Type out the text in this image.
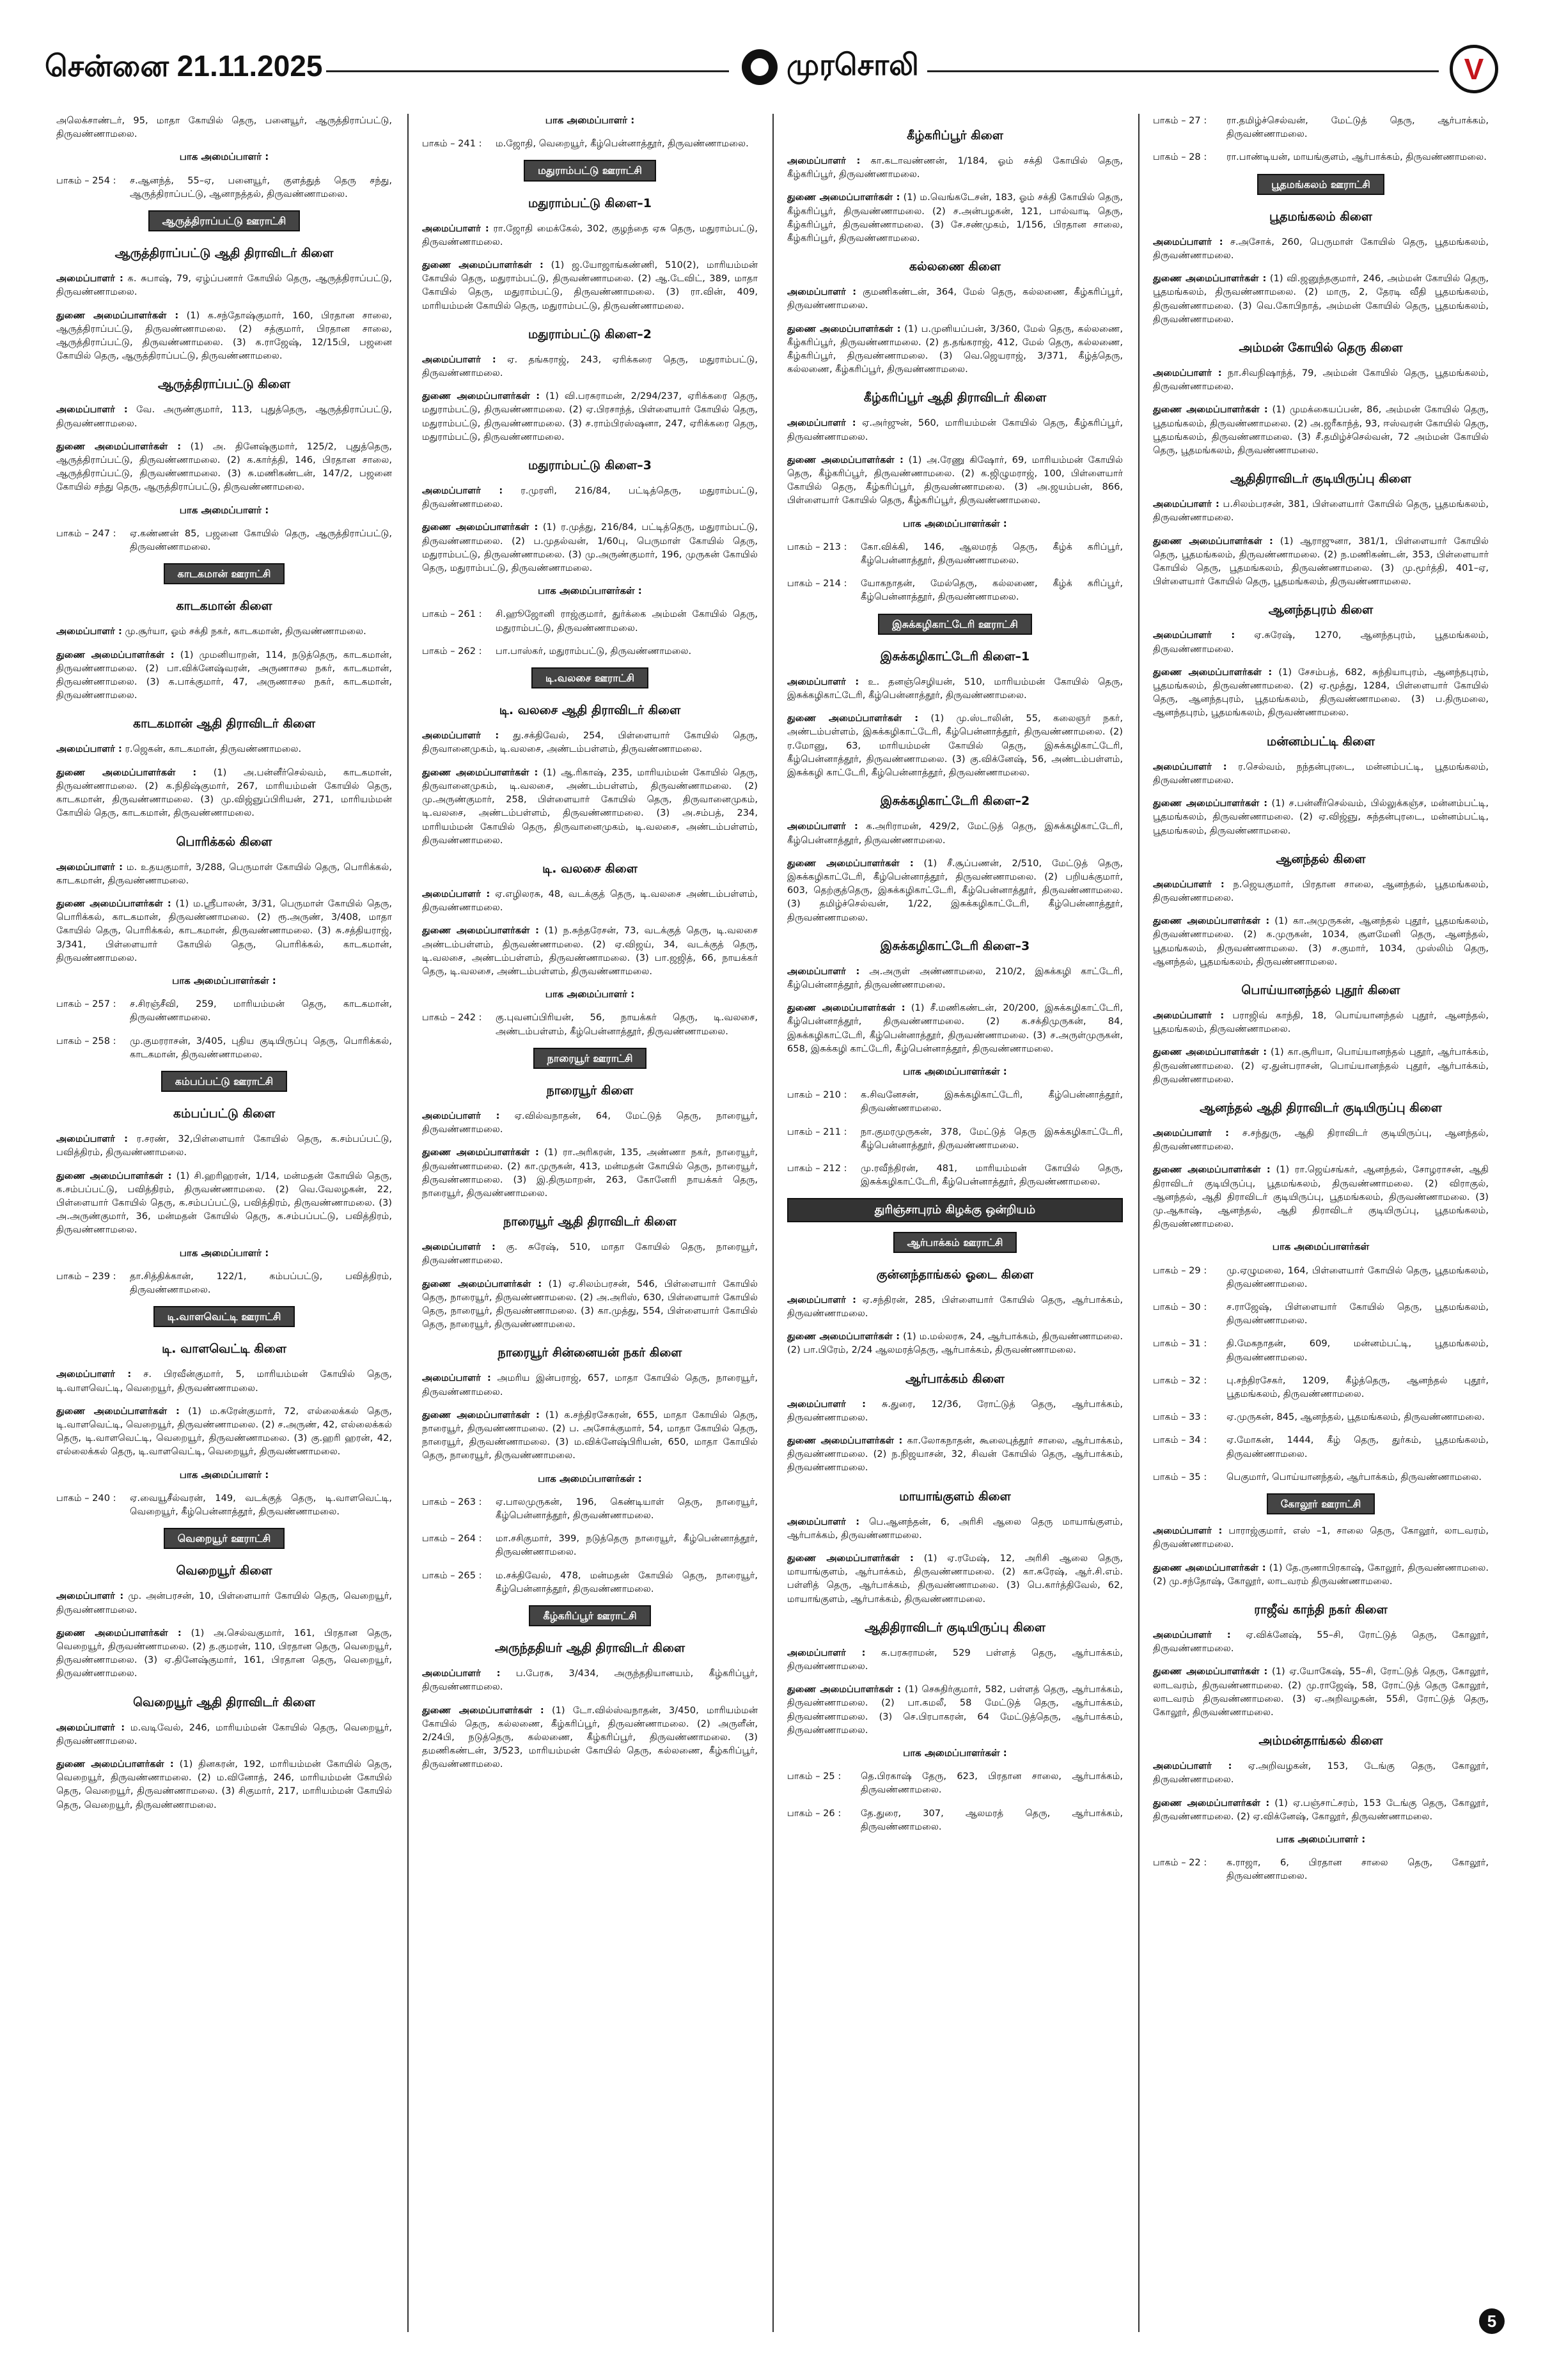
சென்னை 21.11.2025	முரசொலி	V
அலெக்சாண்டர், 95, மாதா கோயில் தெரு, பனையூர், ஆருத்திராப்பட்டு, திருவண்ணாமலை.
பாக அமைப்பாளர் :
பாகம் – 254 :	ச.ஆனந்த், 55–ஏ, பனையூர், குளத்துத் தெரு சந்து, ஆருத்திராப்பட்டு, ஆனாநத்தல், திருவண்ணாமலை.
ஆருத்திராப்பட்டு ஊராட்சி
ஆருத்திராப்பட்டு ஆதி திராவிடர் கிளை
அமைப்பாளர் : க. சுபாஷ், 79, ஏழ்ப்பனார் கோயில் தெரு, ஆருத்திராப்பட்டு, திருவண்ணாமலை.
துணை அமைப்பாளர்கள் : (1) க.சந்தோஷ்குமார், 160, பிரதான சாலை, ஆருத்திராப்பட்டு, திருவண்ணாமலை. (2) சத்குமார், பிரதான சாலை, ஆருத்திராப்பட்டு, திருவண்ணாமலை. (3) க.ராஜேஷ், 12/15பி, பஜனை கோயில் தெரு, ஆருத்திராப்பட்டு, திருவண்ணாமலை.
ஆருத்திராப்பட்டு கிளை
அமைப்பாளர் : வே. அருண்குமார், 113, புதுத்தெரு, ஆருத்திராப்பட்டு, திருவண்ணாமலை.
துணை அமைப்பாளர்கள் : (1) அ. தினேஷ்குமார், 125/2, புதுத்தெரு, ஆருத்திராப்பட்டு, திருவண்ணாமலை. (2) க.கார்த்தி, 146, பிரதான சாலை, ஆருத்திராப்பட்டு, திருவண்ணாமலை. (3) சு.மணிகண்டன், 147/2, பஜனை கோயில் சந்து தெரு, ஆருத்திராப்பட்டு, திருவண்ணாமலை.
பாக அமைப்பாளர் :
பாகம் – 247 :	ஏ.கண்ணன் 85, பஜனை கோயில் தெரு, ஆருத்திராப்பட்டு, திருவண்ணாமலை.
காடகமான் ஊராட்சி
காடகமான் கிளை
அமைப்பாளர் : மு.சூர்யா, ஓம் சக்தி நகர், காடகமான், திருவண்ணாமலை.
துணை அமைப்பாளர்கள் : (1) முமனியாறன், 114, நடுத்தெரு, காடகமான், திருவண்ணாமலை. (2) பா.விக்னேஷ்வரன், அருணாசல நகர், காடகமான், திருவண்ணாமலை. (3) க.பாக்குமார், 47, அருணாசல நகர், காடகமான், திருவண்ணாமலை.
காடகமான் ஆதி திராவிடர் கிளை
அமைப்பாளர் : ர.ஜெகன், காடகமான், திருவண்ணாமலை.
துணை அமைப்பாளர்கள் : (1) அ.பன்னீர்செல்வம், காடகமான், திருவண்ணாமலை. (2) க.நிதிஷ்குமார், 267, மாரியம்மன் கோயில் தெரு, காடகமான், திருவண்ணாமலை. (3) மு.விஜ்ஞுப்பிரியன், 271, மாரியம்மன் கோயில் தெரு, காடகமான், திருவண்ணாமலை.
பொரிக்கல் கிளை
அமைப்பாளர் : ம. உதயகுமார், 3/288, பெருமாள் கோயில் தெரு, பொரிக்கல், காடகமான், திருவண்ணாமலை.
துணை அமைப்பாளர்கள் : (1) ம.ஸ்ரீபாலன், 3/31, பெருமாள் கோயில் தெரு, பொரிக்கல், காடகமான், திருவண்ணாமலை. (2) ரூ.அருண், 3/408, மாதா கோயில் தெரு, பொரிக்கல், காடகமான், திருவண்ணாமலை. (3) சு.சத்தியராஜ், 3/341, பிள்ளையார் கோயில் தெரு, பொரிக்கல், காடகமான், திருவண்ணாமலை.
பாக அமைப்பாளர்கள் :
பாகம் – 257 :	ச.சிரஞ்சீவி, 259, மாரியம்மன் தெரு, காடகமான், திருவண்ணாமலை.
பாகம் – 258 :	மு.குமரராசன், 3/405, புதிய குடியிருப்பு தெரு, பொரிக்கல், காடகமான், திருவண்ணாமலை.
கம்பப்பட்டு ஊராட்சி
கம்பப்பட்டு கிளை
அமைப்பாளர் : ர.சரண், 32,பிள்ளையார் கோயில் தெரு, க.சம்பப்பட்டு, பவித்திரம், திருவண்ணாமலை.
துணை அமைப்பாளர்கள் : (1) சி.ஹரிஹரன், 1/14, மன்மதன் கோயில் தெரு, க.சம்பப்பட்டு, பவித்திரம், திருவண்ணாமலை. (2) வெ.வேலழகன், 22, பிள்ளையார் கோயில் தெரு, க.சம்பப்பட்டு, பவித்திரம், திருவண்ணாமலை. (3) அ.அருண்குமார், 36, மன்மதன் கோயில் தெரு, க.சம்பப்பட்டு, பவித்திரம், திருவண்ணாமலை.
பாக அமைப்பாளர் :
பாகம் – 239 :	தா.சித்திக்கான், 122/1, கம்பப்பட்டு, பவித்திரம், திருவண்ணாமலை.
டி.வாளவெட்டி ஊராட்சி
டி. வாளவெட்டி கிளை
அமைப்பாளர் : ச. பிரவீன்குமார், 5, மாரியம்மன் கோயில் தெரு, டி.வாளவெட்டி, வெறையூர், திருவண்ணாமலை.
துணை அமைப்பாளர்கள் : (1) ம.சுரேன்குமார், 72, எல்லைக்கல் தெரு, டி.வாளவெட்டி, வெறையூர், திருவண்ணாமலை. (2) ச.அருண், 42, எல்லைக்கல் தெரு, டி.வாளவெட்டி, வெறையூர், திருவண்ணாமலை. (3) கு.ஹரி ஹரன், 42, எல்லைக்கல் தெரு, டி.வாளவெட்டி, வெறையூர், திருவண்ணாமலை.
பாக அமைப்பாளர் :
பாகம் – 240 :	ஏ.வையூசீல்வரன், 149, வடக்குத் தெரு, டி.வாளவெட்டி, வெறையூர், கீழ்பென்னாத்தூர், திருவண்ணாமலை.
வெறையூர் ஊராட்சி
வெறையூர் கிளை
அமைப்பாளர் : மு. அன்பரசன், 10, பிள்ளையார் கோயில் தெரு, வெறையூர், திருவண்ணாமலை.
துணை அமைப்பாளர்கள் : (1) அ.செல்வகுமார், 161, பிரதான தெரு, வெறையூர், திருவண்ணாமலை. (2) த.குமரன், 110, பிரதான தெரு, வெறையூர், திருவண்ணாமலை. (3) ஏ.தினேஷ்குமார், 161, பிரதான தெரு, வெறையூர், திருவண்ணாமலை.
வெறையூர் ஆதி திராவிடர் கிளை
அமைப்பாளர் : ம.வடிவேல், 246, மாரியம்மன் கோயில் தெரு, வெறையூர், திருவண்ணாமலை.
துணை அமைப்பாளர்கள் : (1) தினகரன், 192, மாரியம்மன் கோயில் தெரு, வெறையூர், திருவண்ணாமலை. (2) ம.வினோத், 246, மாரியம்மன் கோயில் தெரு, வெறையூர், திருவண்ணாமலை. (3) சிகுமார், 217, மாரியம்மன் கோயில் தெரு, வெறையூர், திருவண்ணாமலை.
பாக அமைப்பாளர் :
பாகம் – 241 :	ம.ஜோதி, வெறையூர், கீழ்பென்னாத்தூர், திருவண்ணாமலை.
மதுராம்பட்டு ஊராட்சி
மதுராம்பட்டு கிளை–1
அமைப்பாளர் : ரா.ஜோதி மைக்கேல், 302, குழந்தை ஏசு தெரு, மதுராம்பட்டு, திருவண்ணாமலை.
துணை அமைப்பாளர்கள் : (1) ஜ.யோஜாங்கண்ணி, 510(2), மாரியம்மன் கோயில் தெரு, மதுராம்பட்டு, திருவண்ணாமலை. (2) ஆ.டேவிட், 389, மாதா கோயில் தெரு, மதுராம்பட்டு, திருவண்ணாமலை. (3) ரா.வின், 409, மாரியம்மன் கோயில் தெரு, மதுராம்பட்டு, திருவண்ணாமலை.
மதுராம்பட்டு கிளை–2
அமைப்பாளர் : ஏ. தங்கராஜ், 243, ஏரிக்கரை தெரு, மதுராம்பட்டு, திருவண்ணாமலை.
துணை அமைப்பாளர்கள் : (1) வி.பரசுராமன், 2/294/237, ஏரிக்கரை தெரு, மதுராம்பட்டு, திருவண்ணாமலை. (2) ஏ.பிரசாந்த், பிள்ளையார் கோயில் தெரு, மதுராம்பட்டு, திருவண்ணாமலை. (3) ச.ராம்பிரஸ்ஷனா, 247, ஏரிக்கரை தெரு, மதுராம்பட்டு, திருவண்ணாமலை.
மதுராம்பட்டு கிளை–3
அமைப்பாளர் : ர.முரளி, 216/84, பட்டித்தெரு, மதுராம்பட்டு, திருவண்ணாமலை.
துணை அமைப்பாளர்கள் : (1) ர.முத்து, 216/84, பட்டித்தெரு, மதுராம்பட்டு, திருவண்ணாமலை. (2) ப.முதல்வன், 1/60பு, பெருமாள் கோயில் தெரு, மதுராம்பட்டு, திருவண்ணாமலை. (3) மு.அருண்குமார், 196, முருகன் கோயில் தெரு, மதுராம்பட்டு, திருவண்ணாமலை.
பாக அமைப்பாளர்கள் :
பாகம் – 261 :	சி.ஹூஜோனி ராஜ்குமார், துர்க்கை அம்மன் கோயில் தெரு, மதுராம்பட்டு, திருவண்ணாமலை.
பாகம் – 262 :	பா.பாஸ்கர், மதுராம்பட்டு, திருவண்ணாமலை.
டி.வலசை ஊராட்சி
டி. வலசை ஆதி திராவிடர் கிளை
அமைப்பாளர் : து.சக்திவேல், 254, பிள்ளையார் கோயில் தெரு, திருவானைமுகம், டி.வலசை, அண்டம்பள்ளம், திருவண்ணாமலை.
துணை அமைப்பாளர்கள் : (1) ஆ.ரிகாஷ், 235, மாரியம்மன் கோயில் தெரு, திருவானைமுகம், டி.வலசை, அண்டம்பள்ளம், திருவண்ணாமலை. (2) மு.அருண்குமார், 258, பிள்ளையார் கோயில் தெரு, திருவானைமுகம், டி.வலசை, அண்டம்பள்ளம், திருவண்ணாமலை. (3) அ.சம்பத், 234, மாரியம்மன் கோயில் தெரு, திருவானைமுகம், டி.வலசை, அண்டம்பள்ளம், திருவண்ணாமலை.
டி. வலசை கிளை
அமைப்பாளர் : ஏ.எழிலரசு, 48, வடக்குத் தெரு, டி.வலசை அண்டம்பள்ளம், திருவண்ணாமலை.
துணை அமைப்பாளர்கள் : (1) ந.சுந்தரேசன், 73, வடக்குத் தெரு, டி.வலசை அண்டம்பள்ளம், திருவண்ணாமலை. (2) ஏ.விஜய், 34, வடக்குத் தெரு, டி.வலசை, அண்டம்பள்ளம், திருவண்ணாமலை. (3) பா.ஜஜித், 66, நாயக்கர் தெரு, டி.வலசை, அண்டம்பள்ளம், திருவண்ணாமலை.
பாக அமைப்பாளர் :
பாகம் – 242 :	கு.புவனப்பிரியன், 56, நாயக்கர் தெரு, டி.வலசை, அண்டம்பள்ளம், கீழ்பென்னாத்தூர், திருவண்ணாமலை.
நாரையூர் ஊராட்சி
நாரையூர் கிளை
அமைப்பாளர் : ஏ.வில்வநாதன், 64, மேட்டுத் தெரு, நாரையூர், திருவண்ணாமலை.
துணை அமைப்பாளர்கள் : (1) ரா.அரிகரன், 135, அண்ணா நகர், நாரையூர், திருவண்ணாமலை. (2) கா.முருகன், 413, மன்மதன் கோயில் தெரு, நாரையூர், திருவண்ணாமலை. (3) இ.திருமாறன், 263, கோனேரி நாயக்கர் தெரு, நாரையூர், திருவண்ணாமலை.
நாரையூர் ஆதி திராவிடர் கிளை
அமைப்பாளர் : கு. சுரேஷ், 510, மாதா கோயில் தெரு, நாரையூர், திருவண்ணாமலை.
துணை அமைப்பாளர்கள் : (1) ஏ.சிலம்பரசன், 546, பிள்ளையார் கோயில் தெரு, நாரையூர், திருவண்ணாமலை. (2) அ.அரிஸ், 630, பிள்ளையார் கோயில் தெரு, நாரையூர், திருவண்ணாமலை. (3) கா.முத்து, 554, பிள்ளையார் கோயில் தெரு, நாரையூர், திருவண்ணாமலை.
நாரையூர் சின்னையன் நகர் கிளை
அமைப்பாளர் : அமரிய இன்பராஜ், 657, மாதா கோயில் தெரு, நாரையூர், திருவண்ணாமலை.
துணை அமைப்பாளர்கள் : (1) க.சந்திரசேகரன், 655, மாதா கோயில் தெரு, நாரையூர், திருவண்ணாமலை. (2) ப. அசோக்குமார், 54, மாதா கோயில் தெரு, நாரையூர், திருவண்ணாமலை. (3) ம.விக்னேஷ்பிரியன், 650, மாதா கோயில் தெரு, நாரையூர், திருவண்ணாமலை.
பாக அமைப்பாளர்கள் :
பாகம் – 263 :	ஏ.பாலமுருகன், 196, கெண்டியாள் தெரு, நாரையூர், கீழ்பென்னாத்தூர், திருவண்ணாமலை.
பாகம் – 264 :	மா.சசிகுமார், 399, நடுத்தெரு நாரையூர், கீழ்பென்னாத்தூர், திருவண்ணாமலை.
பாகம் – 265 :	ம.சக்திவேல், 478, மன்மதன் கோயில் தெரு, நாரையூர், கீழ்பென்னாத்தூர், திருவண்ணாமலை.
கீழ்கரிப்பூர் ஊராட்சி
அருந்ததியர் ஆதி திராவிடர் கிளை
அமைப்பாளர் : ப.பேரசு, 3/434, அருந்ததியானயம், கீழ்கரிப்பூர், திருவண்ணாமலை.
துணை அமைப்பாளர்கள் : (1) டோ.வில்ஸ்வநாதன், 3/450, மாரியம்மன் கோயில் தெரு, கல்லணை, கீழ்கரிப்பூர், திருவண்ணாமலை. (2) அருளீன், 2/24பி, நடுத்தெரு, கல்லணை, கீழ்கரிப்பூர், திருவண்ணாமலை. (3) தமணிகண்டன், 3/523, மாரியம்மன் கோயில் தெரு, கல்லணை, கீழ்கரிப்பூர், திருவண்ணாமலை.
கீழ்கரிப்பூர் கிளை
அமைப்பாளர் : கா.கடாவண்ணன், 1/184, ஓம் சக்தி கோயில் தெரு, கீழ்கரிப்பூர், திருவண்ணாமலை.
துணை அமைப்பாளர்கள் : (1) ம.வெங்கடேசன், 183, ஓம் சக்தி கோயில் தெரு, கீழ்கரிப்பூர், திருவண்ணாமலை. (2) ச.அன்பழகன், 121, பால்வாடி தெரு, கீழ்கரிப்பூர், திருவண்ணாமலை. (3) சே.சண்முகம், 1/156, பிரதான சாலை, கீழ்கரிப்பூர், திருவண்ணாமலை.
கல்லணை கிளை
அமைப்பாளர் : குமணிகண்டன், 364, மேல் தெரு, கல்லணை, கீழ்கரிப்பூர், திருவண்ணாமலை.
துணை அமைப்பாளர்கள் : (1) ப.முனியப்பன், 3/360, மேல் தெரு, கல்லணை, கீழ்கரிப்பூர், திருவண்ணாமலை. (2) த.தங்கராஜ், 412, மேல் தெரு, கல்லணை, கீழ்கரிப்பூர், திருவண்ணாமலை. (3) வெ.ஜெயராஜ், 3/371, கீழ்த்தெரு, கல்லணை, கீழ்கரிப்பூர், திருவண்ணாமலை.
கீழ்கரிப்பூர் ஆதி திராவிடர் கிளை
அமைப்பாளர் : ஏ.அர்ஜுன், 560, மாரியம்மன் கோயில் தெரு, கீழ்கரிப்பூர், திருவண்ணாமலை.
துணை அமைப்பாளர்கள் : (1) அ.ரேணு கிஷோர், 69, மாரியம்மன் கோயில் தெரு, கீழ்கரிப்பூர், திருவண்ணாமலை. (2) க.ஜிழுமராஜ், 100, பிள்ளையார் கோயில் தெரு, கீழ்கரிப்பூர், திருவண்ணாமலை. (3) அ.ஜயம்பன், 866, பிள்ளையார் கோயில் தெரு, கீழ்கரிப்பூர், திருவண்ணாமலை.
பாக அமைப்பாளர்கள் :
பாகம் – 213 :	கோ.விக்கி, 146, ஆலமரத் தெரு, கீழ்க் கரிப்பூர், கீழ்பென்னாத்தூர், திருவண்ணாமலை.
பாகம் – 214 :	யோகநாதன், மேல்தெரு, கல்லணை, கீழ்க் கரிப்பூர், கீழ்பென்னாத்தூர், திருவண்ணாமலை.
இசுக்கழிகாட்டேரி ஊராட்சி
இசுக்கழிகாட்டேரி கிளை–1
அமைப்பாளர் : உ. தனஞ்செழியன், 510, மாரியம்மன் கோயில் தெரு, இசுக்கழிகாட்டேரி, கீழ்பென்னாத்தூர், திருவண்ணாமலை.
துணை அமைப்பாளர்கள் : (1) மு.ஸ்டாலின், 55, கலைஞர் நகர், அண்டம்பள்ளம், இசுக்கழிகாட்டேரி, கீழ்பென்னாத்தூர், திருவண்ணாமலை. (2) ர.மோனு, 63, மாரியம்மன் கோயில் தெரு, இசுக்கழிகாட்டேரி, கீழ்பென்னாத்தூர், திருவண்ணாமலை. (3) கு.விக்னேஷ், 56, அண்டம்பள்ளம், இசுக்கழி காட்டேரி, கீழ்பென்னாத்தூர், திருவண்ணாமலை.
இசுக்கழிகாட்டேரி கிளை–2
அமைப்பாளர் : க.அரிராமன், 429/2, மேட்டுத் தெரு, இசுக்கழிகாட்டேரி, கீழ்பென்னாத்தூர், திருவண்ணாமலை.
துணை அமைப்பாளர்கள் : (1) சீ.சூப்பணன், 2/510, மேட்டுத் தெரு, இசுக்கழிகாட்டேரி, கீழ்பென்னாத்தூர், திருவண்ணாமலை. (2) பறியக்குமார், 603, தெற்குத்தெரு, இசுக்கழிகாட்டேரி, கீழ்பென்னாத்தூர், திருவண்ணாமலை. (3) தமிழ்ச்செல்வன், 1/22, இசுக்கழிகாட்டேரி, கீழ்பென்னாத்தூர், திருவண்ணாமலை.
இசுக்கழிகாட்டேரி கிளை–3
அமைப்பாளர் : அ.அருள் அண்ணாமலை, 210/2, இசுக்கழி காட்டேரி, கீழ்பென்னாத்தூர், திருவண்ணாமலை.
துணை அமைப்பாளர்கள் : (1) சீ.மணிகண்டன், 20/200, இசுக்கழிகாட்டேரி, கீழ்பென்னாத்தூர், திருவண்ணாமலை. (2) க.சக்திமுருகன், 84, இசுக்கழிகாட்டேரி, கீழ்பென்னாத்தூர், திருவண்ணாமலை. (3) ச.அருள்முருகன், 658, இசுக்கழி காட்டேரி, கீழ்பென்னாத்தூர், திருவண்ணாமலை.
பாக அமைப்பாளர்கள் :
பாகம் – 210 :	க.சிவனேசன், இசுக்கழிகாட்டேரி, கீழ்பென்னாத்தூர், திருவண்ணாமலை.
பாகம் – 211 :	நா.குமரமுருகன், 378, மேட்டுத் தெரு இசுக்கழிகாட்டேரி, கீழ்பென்னாத்தூர், திருவண்ணாமலை.
பாகம் – 212 :	மு.ரவீந்திரன், 481, மாரியம்மன் கோயில் தெரு, இசுக்கழிகாட்டேரி, கீழ்பென்னாத்தூர், திருவண்ணாமலை.
துரிஞ்சாபுரம் கிழக்கு ஒன்றியம்
ஆர்பாக்கம் ஊராட்சி
குன்னந்தாங்கல் ஓடை கிளை
அமைப்பாளர் : ஏ.சந்திரன், 285, பிள்ளையார் கோயில் தெரு, ஆர்பாக்கம், திருவண்ணாமலை.
துணை அமைப்பாளர்கள் : (1) ம.மல்லரசு, 24, ஆர்பாக்கம், திருவண்ணாமலை. (2) பா.பிரேம், 2/24 ஆலமரத்தெரு, ஆர்பாக்கம், திருவண்ணாமலை.
ஆர்பாக்கம் கிளை
அமைப்பாளர் : சு.துரை, 12/36, ரோட்டுத் தெரு, ஆர்பாக்கம், திருவண்ணாமலை.
துணை அமைப்பாளர்கள் : கா.லோகநாதன், கூலைபுத்தூர் சாலை, ஆர்பாக்கம், திருவண்ணாமலை. (2) ந.நிஜயாசன், 32, சிவன் கோயில் தெரு, ஆர்பாக்கம், திருவண்ணாமலை.
மாயாங்குளம் கிளை
அமைப்பாளர் : பெ.ஆனந்தன், 6, அரிசி ஆலை தெரு மாயாங்குளம், ஆர்பாக்கம், திருவண்ணாமலை.
துணை அமைப்பாளர்கள் : (1) ஏ.ரமேஷ், 12, அரிசி ஆலை தெரு, மாயாங்குளம், ஆர்பாக்கம், திருவண்ணாமலை. (2) கா.சுரேஷ், ஆர்.சி.எம். பள்ளித் தெரு, ஆர்பாக்கம், திருவண்ணாமலை. (3) பெ.கார்த்திவேல், 62, மாயாங்குளம், ஆர்பாக்கம், திருவண்ணாமலை.
ஆதிதிராவிடர் குடியிருப்பு கிளை
அமைப்பாளர் : சு.பரசுராமன், 529 பள்ளத் தெரு, ஆர்பாக்கம், திருவண்ணாமலை.
துணை அமைப்பாளர்கள் : (1) செசுதிர்குமார், 582, பள்ளத் தெரு, ஆர்பாக்கம், திருவண்ணாமலை. (2) பா.கமலீ, 58 மேட்டுத் தெரு, ஆர்பாக்கம், திருவண்ணாமலை. (3) செ.பிரபாகரன், 64 மேட்டுத்தெரு, ஆர்பாக்கம், திருவண்ணாமலை.
பாக அமைப்பாளர்கள் :
பாகம் – 25 :	தெ.பிரகாஷ் தேரு, 623, பிரதான சாலை, ஆர்பாக்கம், திருவண்ணாமலை.
பாகம் – 26 :	தே.துரை, 307, ஆலமரத் தெரு, ஆர்பாக்கம், திருவண்ணாமலை.
பாகம் – 27 :	ரா.தமிழ்ச்செல்வன், மேட்டுத் தெரு, ஆர்பாக்கம், திருவண்ணாமலை.
பாகம் – 28 :	ரா.பாண்டியன், மாயங்குளம், ஆர்பாக்கம், திருவண்ணாமலை.
பூதமங்கலம் ஊராட்சி
பூதமங்கலம் கிளை
அமைப்பாளர் : ச.அசோக், 260, பெருமாள் கோயில் தெரு, பூதமங்கலம், திருவண்ணாமலை.
துணை அமைப்பாளர்கள் : (1) வி.ஜனுந்தகுமார், 246, அம்மன் கோயில் தெரு, பூதமங்கலம், திருவண்ணாமலை. (2) மாரு, 2, தேரடி வீதி பூதமங்கலம், திருவண்ணாமலை. (3) வெ.கோபிநாத், அம்மன் கோயில் தெரு, பூதமங்கலம், திருவண்ணாமலை.
அம்மன் கோயில் தெரு கிளை
அமைப்பாளர் : நா.சிவநிஷாந்த், 79, அம்மன் கோயில் தெரு, பூதமங்கலம், திருவண்ணாமலை.
துணை அமைப்பாளர்கள் : (1) முமக்கையப்பன், 86, அம்மன் கோயில் தெரு, பூதமங்கலம், திருவண்ணாமலை. (2) அ.ஜரீகாந்த், 93, ஈஸ்வரன் கோயில் தெரு, பூதமங்கலம், திருவண்ணாமலை. (3) சீ.தமிழ்ச்செல்வன், 72 அம்மன் கோயில் தெரு, பூதமங்கலம், திருவண்ணாமலை.
ஆதிதிராவிடர் குடியிருப்பு கிளை
அமைப்பாளர் : ப.சிலம்பரசன், 381, பிள்ளையார் கோயில் தெரு, பூதமங்கலம், திருவண்ணாமலை.
துணை அமைப்பாளர்கள் : (1) ஆராஜுனா, 381/1, பிள்ளையார் கோயில் தெரு, பூதமங்கலம், திருவண்ணாமலை. (2) ந.மணிகண்டன், 353, பிள்ளையார் கோயில் தெரு, பூதமங்கலம், திருவண்ணாமலை. (3) மு.மூர்த்தி, 401–ஏ, பிள்ளையார் கோயில் தெரு, பூதமங்கலம், திருவண்ணாமலை.
ஆனந்தபுரம் கிளை
அமைப்பாளர் : ஏ.சுரேஷ், 1270, ஆனந்தபுரம், பூதமங்கலம், திருவண்ணாமலை.
துணை அமைப்பாளர்கள் : (1) சேசம்பத், 682, சுந்தியாபுரம், ஆனந்தபுரம், பூதமங்கலம், திருவண்ணாமலை. (2) ஏ.மூத்து, 1284, பிள்ளையார் கோயில் தெரு, ஆனந்தபுரம், பூதமங்கலம், திருவண்ணாமலை. (3) ப.திருமலை, ஆனந்தபுரம், பூதமங்கலம், திருவண்ணாமலை.
மன்னம்பட்டி கிளை
அமைப்பாளர் : ர.செல்வம், நந்தன்புரடை, மன்னம்பட்டி, பூதமங்கலம், திருவண்ணாமலை.
துணை அமைப்பாளர்கள் : (1) ச.பன்னீர்செல்வம், பில்லுக்கஞ்ச, மன்னம்பட்டி, பூதமங்கலம், திருவண்ணாமலை. (2) ஏ.விஜ்ஞு, சுந்தன்புரடை, மன்னம்பட்டி, பூதமங்கலம், திருவண்ணாமலை.
ஆனந்தல் கிளை
அமைப்பாளர் : ந.ஜெயகுமார், பிரதான சாலை, ஆனந்தல், பூதமங்கலம், திருவண்ணாமலை.
துணை அமைப்பாளர்கள் : (1) கா.அமுருகன், ஆனந்தல் புதூர், பூதமங்கலம், திருவண்ணாமலை. (2) க.முருகன், 1034, சூளமேனி தெரு, ஆனந்தல், பூதமங்கலம், திருவண்ணாமலை. (3) ச.குமார், 1034, முஸ்லிம் தெரு, ஆனந்தல், பூதமங்கலம், திருவண்ணாமலை.
பொய்யானந்தல் புதூர் கிளை
அமைப்பாளர் : பராஜிவ் காந்தி, 18, பொய்யானந்தல் புதூர், ஆனந்தல், பூதமங்கலம், திருவண்ணாமலை.
துணை அமைப்பாளர்கள் : (1) கா.சூரியா, பொய்யானந்தல் புதூர், ஆர்பாக்கம், திருவண்ணாமலை. (2) ஏ.துன்பராசன், பொய்யானந்தல் புதூர், ஆர்பாக்கம், திருவண்ணாமலை.
ஆனந்தல் ஆதி திராவிடர் குடியிருப்பு கிளை
அமைப்பாளர் : ச.சந்துரு, ஆதி திராவிடர் குடியிருப்பு, ஆனந்தல், திருவண்ணாமலை.
துணை அமைப்பாளர்கள் : (1) ரா.ஜெய்சங்கர், ஆனந்தல், சோழராசன், ஆதி திராவிடர் குடியிருப்பு, பூதமங்கலம், திருவண்ணாமலை. (2) விராகுல், ஆனந்தல், ஆதி திராவிடர் குடியிருப்பு, பூதமங்கலம், திருவண்ணாமலை. (3) மு.ஆகாஷ், ஆனந்தல், ஆதி திராவிடர் குடியிருப்பு, பூதமங்கலம், திருவண்ணாமலை.
பாக அமைப்பாளர்கள்
பாகம் – 29 :	மு.ஏழுமலை, 164, பிள்ளையார் கோயில் தெரு, பூதமங்கலம், திருவண்ணாமலை.
பாகம் – 30 :	ச.ராஜேஷ், பிள்ளையார் கோயில் தெரு, பூதமங்கலம், திருவண்ணாமலை.
பாகம் – 31 :	தி.மேகநாதன், 609, மன்னம்பட்டி, பூதமங்கலம், திருவண்ணாமலை.
பாகம் – 32 :	பு.சந்திரசேகர், 1209, கீழ்த்தெரு, ஆனந்தல் புதூர், பூதமங்கலம், திருவண்ணாமலை.
பாகம் – 33 :	ஏ.முருகன், 845, ஆனந்தல், பூதமங்கலம், திருவண்ணாமலை.
பாகம் – 34 :	ஏ.மோகன், 1444, கீழ் தெரு, துர்கம், பூதமங்கலம், திருவண்ணாமலை.
பாகம் – 35 :	பெகுமார், பொய்யானந்தல், ஆர்பாக்கம், திருவண்ணாமலை.
கோலூர் ஊராட்சி
அமைப்பாளர் : பாராஜ்குமார், எஸ் –1, சாலை தெரு, கோலூர், லாடவரம், திருவண்ணாமலை.
துணை அமைப்பாளர்கள் : (1) தே.ருணாபிரகாஷ், கோலூர், திருவண்ணாமலை. (2) மு.சந்தோஷ், கோலூர், லாடவரம் திருவண்ணாமலை.
ராஜீவ் காந்தி நகர் கிளை
அமைப்பாளர் : ஏ.விக்னேஷ், 55–சி, ரோட்டுத் தெரு, கோலூர், திருவண்ணாமலை.
துணை அமைப்பாளர்கள் : (1) ஏ.யோகேஷ், 55–சி, ரோட்டுத் தெரு, கோலூர், லாடவரம், திருவண்ணாமலை. (2) மு.ராஜேஷ், 58, ரோட்டுத் தெரு கோலூர், லாடவரம் திருவண்ணாமலை. (3) ஏ.அறிவழகன், 55சி, ரோட்டுத் தெரு, கோலூர், திருவண்ணாமலை.
அம்மன்தாங்கல் கிளை
அமைப்பாளர் : ஏ.அறிவழகன், 153, டேங்கு தெரு, கோலூர், திருவண்ணாமலை.
துணை அமைப்பாளர்கள் : (1) ஏ.பஞ்சாட்சரம், 153 டேங்கு தெரு, கோலூர், திருவண்ணாமலை. (2) ஏ.விக்னேஷ், கோலூர், திருவண்ணாமலை.
பாக அமைப்பாளர் :
பாகம் – 22 :	க.ராஜா, 6, பிரதான சாலை தெரு, கோலூர், திருவண்ணாமலை.
5
